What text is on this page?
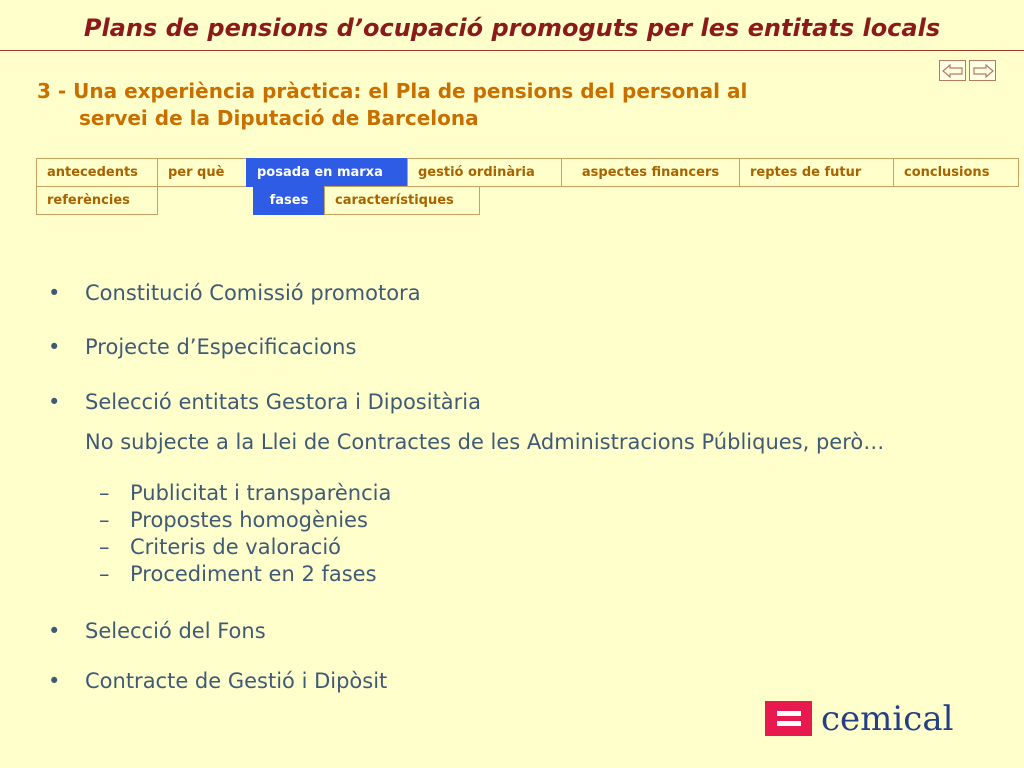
Plans de pensions d’ocupació promoguts per les entitats locals
3 - Una experiència pràctica: el Pla de pensions del personal al
servei de la Diputació de Barcelona
antecedents	per què	posada en marxa	gestió ordinària	aspectes financers	reptes de futur	conclusions
referències	fases	característiques
• Constitució Comissió promotora
• Projecte d’Especificacions
• Selecció entitats Gestora i Dipositària
No subjecte a la Llei de Contractes de les Administracions Públiques, però…
– Publicitat i transparència
– Propostes homogènies
– Criteris de valoració
– Procediment en 2 fases
• Selecció del Fons
• Contracte de Gestió i Dipòsit
cemical
